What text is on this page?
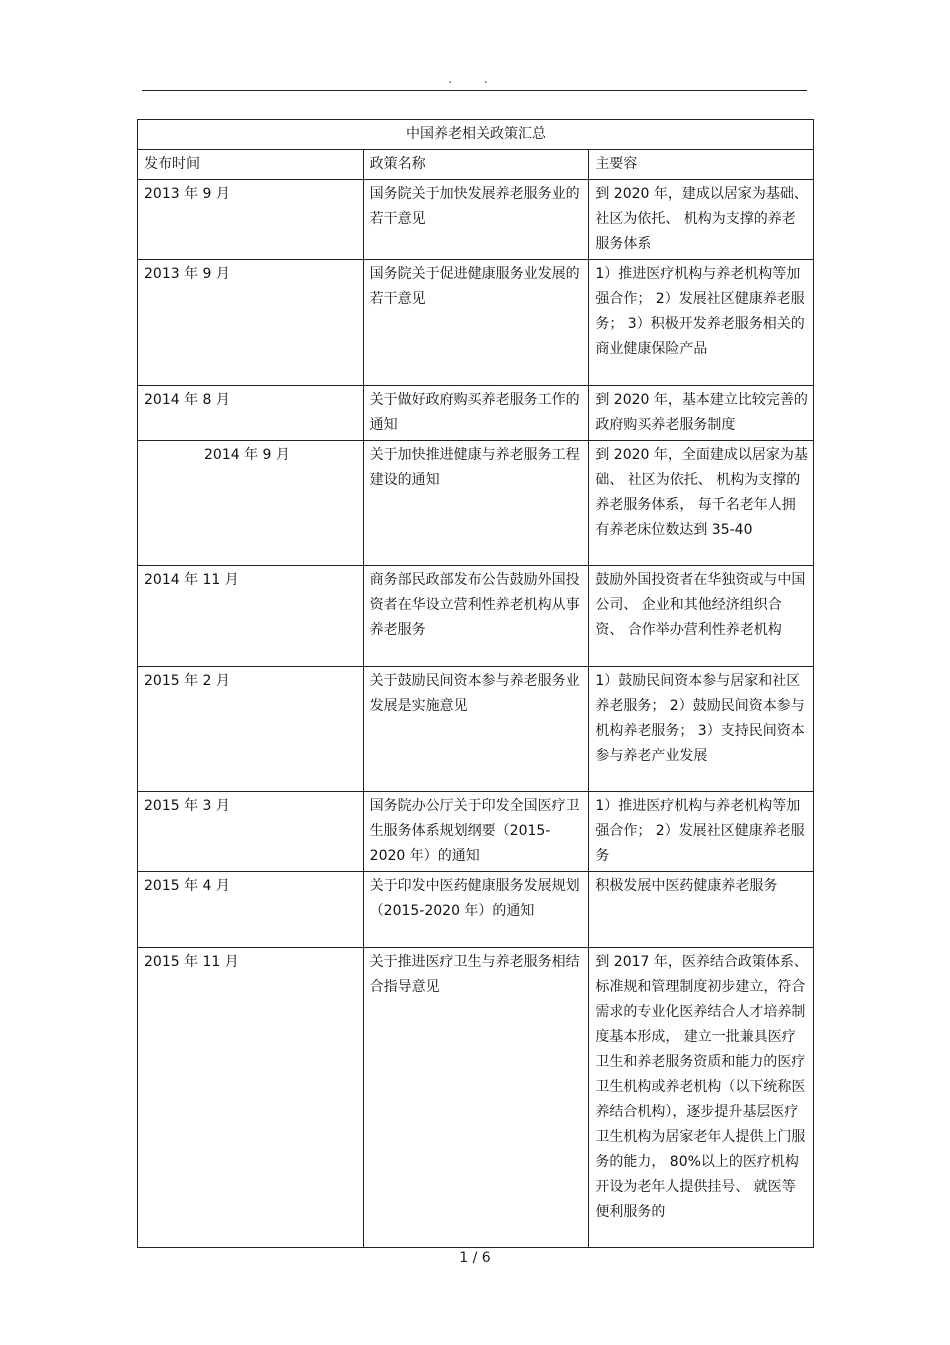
. .
中国养老相关政策汇总		
发布时间	政策名称	主要容
2013 年 9 月	国务院关于加快发展养老服务业的若干意见	到 2020 年，建成以居家为基础、社区为依托、 机构为支撑的养老服务体系
2013 年 9 月	国务院关于促进健康服务业发展的若干意见	1）推进医疗机构与养老机构等加强合作； 2）发展社区健康养老服务； 3）积极开发养老服务相关的商业健康保险产品
2014 年 8 月	关于做好政府购买养老服务工作的通知	到 2020 年，基本建立比较完善的政府购买养老服务制度
2014 年 9 月	关于加快推进健康与养老服务工程建设的通知	到 2020 年，全面建成以居家为基础、 社区为依托、 机构为支撑的养老服务体系， 每千名老年人拥有养老床位数达到 35-40
2014 年 11 月	商务部民政部发布公告鼓励外国投资者在华设立营利性养老机构从事养老服务	鼓励外国投资者在华独资或与中国公司、 企业和其他经济组织合资、 合作举办营利性养老机构
2015 年 2 月	关于鼓励民间资本参与养老服务业发展是实施意见	1）鼓励民间资本参与居家和社区养老服务； 2）鼓励民间资本参与机构养老服务； 3）支持民间资本参与养老产业发展
2015 年 3 月	国务院办公厅关于印发全国医疗卫生服务体系规划纲要（2015-2020 年）的通知	1）推进医疗机构与养老机构等加强合作； 2）发展社区健康养老服务
2015 年 4 月	关于印发中医药健康服务发展规划（2015-2020 年）的通知	积极发展中医药健康养老服务
2015 年 11 月	关于推进医疗卫生与养老服务相结合指导意见	到 2017 年，医养结合政策体系、标准规和管理制度初步建立，符合需求的专业化医养结合人才培养制度基本形成， 建立一批兼具医疗卫生和养老服务资质和能力的医疗卫生机构或养老机构（以下统称医养结合机构），逐步提升基层医疗卫生机构为居家老年人提供上门服务的能力， 80%以上的医疗机构开设为老年人提供挂号、 就医等便利服务的
1 / 6
